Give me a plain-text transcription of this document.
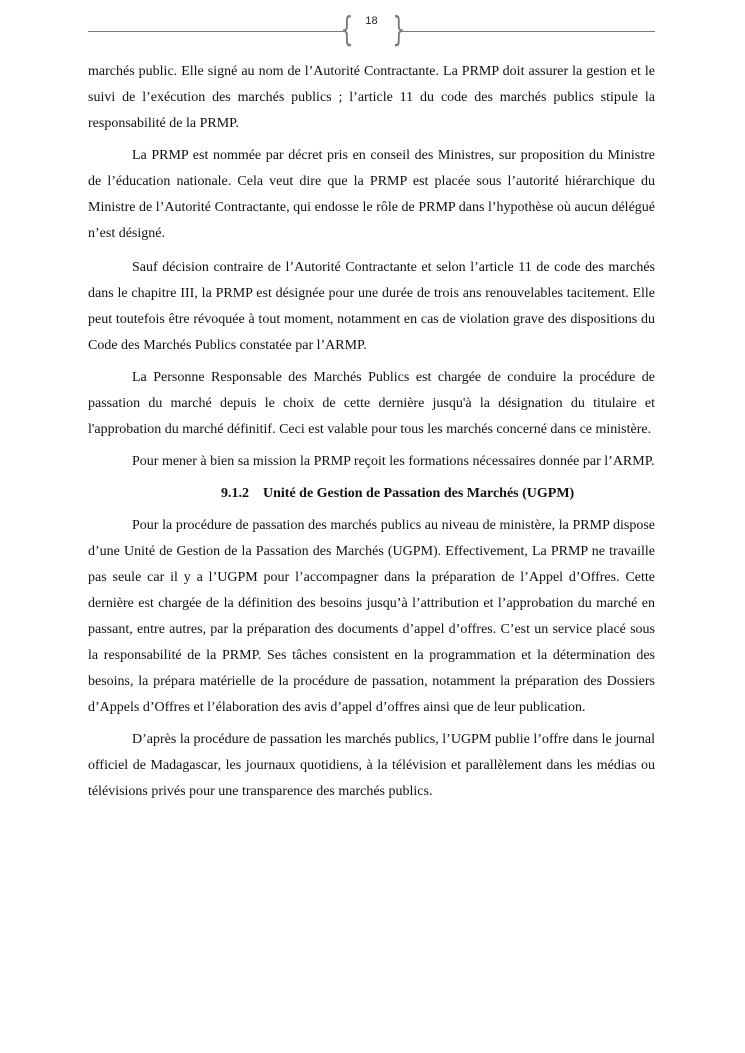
{ }
18

marchés public. Elle signé au nom de l’Autorité Contractante. La PRMP doit assurer la gestion et le suivi de l’exécution des marchés publics ; l’article 11 du code des marchés publics stipule la responsabilité de la PRMP.

La PRMP est nommée par décret pris en conseil des Ministres, sur proposition du Ministre de l’éducation nationale. Cela veut dire que la PRMP est placée sous l’autorité hiérarchique du Ministre de l’Autorité Contractante, qui endosse le rôle de PRMP dans l’hypothèse où aucun délégué n’est désigné.

Sauf décision contraire de l’Autorité Contractante et selon l’article 11 de code des marchés dans le chapitre III, la PRMP est désignée pour une durée de trois ans renouvelables tacitement. Elle peut toutefois être révoquée à tout moment, notamment en cas de violation grave des dispositions du Code des Marchés Publics constatée par l’ARMP.

La Personne Responsable des Marchés Publics est chargée de conduire la procédure de passation du marché depuis le choix de cette dernière jusqu'à la désignation du titulaire et l'approbation du marché définitif. Ceci est valable pour tous les marchés concerné dans ce ministère.

Pour mener à bien sa mission la PRMP reçoit les formations nécessaires donnée par l’ARMP.

9.1.2 Unité de Gestion de Passation des Marchés (UGPM)

Pour la procédure de passation des marchés publics au niveau de ministère, la PRMP dispose d’une Unité de Gestion de la Passation des Marchés (UGPM). Effectivement, La PRMP ne travaille pas seule car il y a l’UGPM pour l’accompagner dans la préparation de l’Appel d’Offres. Cette dernière est chargée de la définition des besoins jusqu’à l’attribution et l’approbation du marché en passant, entre autres, par la préparation des documents d’appel d’offres. C’est un service placé sous la responsabilité de la PRMP. Ses tâches consistent en la programmation et la détermination des besoins, la prépara matérielle de la procédure de passation, notamment la préparation des Dossiers d’Appels d’Offres et l’élaboration des avis d’appel d’offres ainsi que de leur publication.

D’après la procédure de passation les marchés publics, l’UGPM publie l’offre dans le journal officiel de Madagascar, les journaux quotidiens, à la télévision et parallèlement dans les médias ou télévisions privés pour une transparence des marchés publics.
